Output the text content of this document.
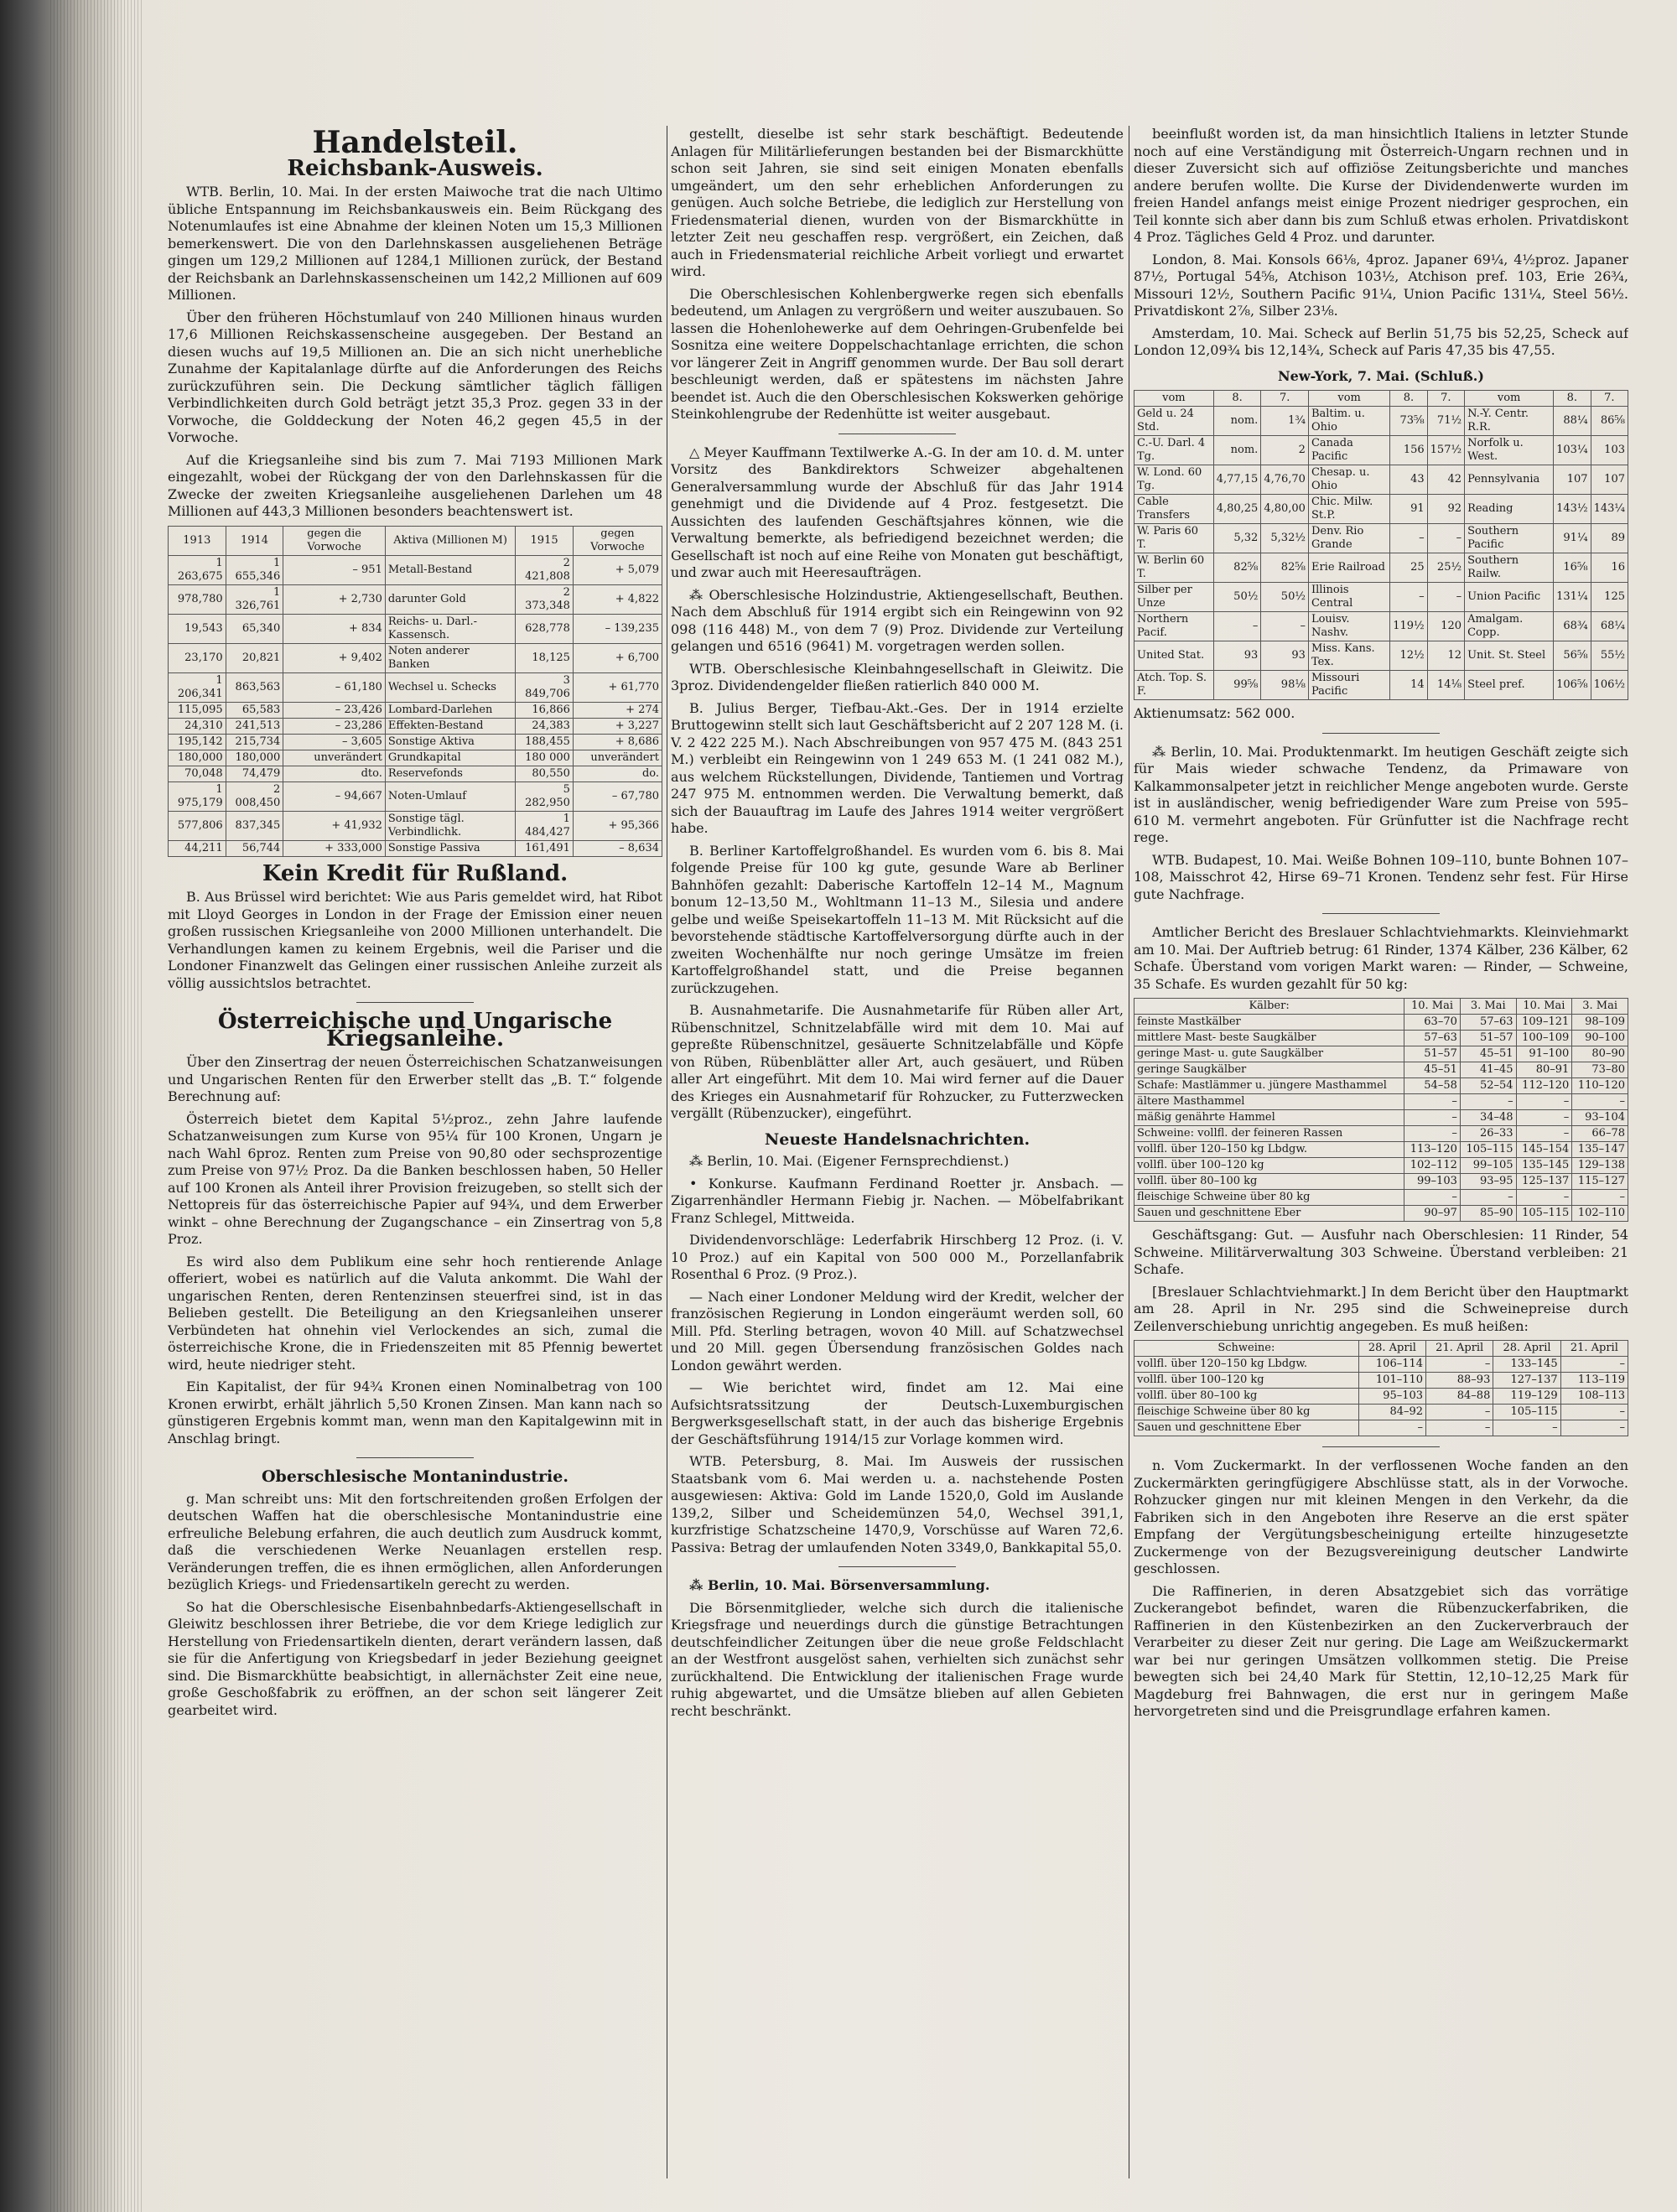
Handelsteil.
Reichsbank-Ausweis.

WTB. Berlin, 10. Mai. In der ersten Maiwoche trat die nach Ultimo übliche Entspannung im Reichsbankausweis ein. Beim Rückgang des Notenumlaufes ist eine Abnahme der kleinen Noten um 15,3 Millionen bemerkenswert. Die von den Darlehnskassen ausgeliehenen Beträge gingen um 129,2 Millionen auf 1284,1 Millionen zurück, der Bestand der Reichsbank an Darlehnskassenscheinen um 142,2 Millionen auf 609 Millionen.

Über den früheren Höchstumlauf von 240 Millionen hinaus wurden 17,6 Millionen Reichskassenscheine ausgegeben. Der Bestand an diesen wuchs auf 19,5 Millionen an. Die an sich nicht unerhebliche Zunahme der Kapitalanlage dürfte auf die Anforderungen des Reichs zurückzuführen sein. Die Deckung sämtlicher täglich fälligen Verbindlichkeiten durch Gold beträgt jetzt 35,3 Proz. gegen 33 in der Vorwoche, die Golddeckung der Noten 46,2 gegen 45,5 in der Vorwoche.

Auf die Kriegsanleihe sind bis zum 7. Mai 7193 Millionen Mark eingezahlt, wobei der Rückgang der von den Darlehnskassen für die Zwecke der zweiten Kriegsanleihe ausgeliehenen Darlehen um 48 Millionen auf 443,3 Millionen besonders beachtenswert ist.

1913	1914	gegen die Vorwoche	Aktiva (Millionen M)	1915	gegen Vorwoche
1 263,675	1 655,346	– 951	Metall-Bestand	2 421,808	+ 5,079
978,780	1 326,761	+ 2,730	darunter Gold	2 373,348	+ 4,822
19,543	65,340	+ 834	Reichs- u. Darl.-Kassensch.	628,778	– 139,235
23,170	20,821	+ 9,402	Noten anderer Banken	18,125	+ 6,700
1 206,341	863,563	– 61,180	Wechsel u. Schecks	3 849,706	+ 61,770
115,095	65,583	– 23,426	Lombard-Darlehen	16,866	+ 274
24,310	241,513	– 23,286	Effekten-Bestand	24,383	+ 3,227
195,142	215,734	– 3,605	Sonstige Aktiva	188,455	+ 8,686
180,000	180,000	unverändert	Grundkapital	180 000	unverändert
70,048	74,479	dto.	Reservefonds	80,550	do.
1 975,179	2 008,450	– 94,667	Noten-Umlauf	5 282,950	– 67,780
577,806	837,345	+ 41,932	Sonstige tägl. Verbindlichk.	1 484,427	+ 95,366
44,211	56,744	+ 333,000	Sonstige Passiva	161,491	– 8,634
Kein Kredit für Rußland.

B. Aus Brüssel wird berichtet: Wie aus Paris gemeldet wird, hat Ribot mit Lloyd Georges in London in der Frage der Emission einer neuen großen russischen Kriegsanleihe von 2000 Millionen unterhandelt. Die Verhandlungen kamen zu keinem Ergebnis, weil die Pariser und die Londoner Finanzwelt das Gelingen einer russischen Anleihe zurzeit als völlig aussichtslos betrachtet.

Österreichische und Ungarische Kriegsanleihe.

Über den Zinsertrag der neuen Österreichischen Schatzanweisungen und Ungarischen Renten für den Erwerber stellt das „B. T.“ folgende Berechnung auf:

Österreich bietet dem Kapital 5½proz., zehn Jahre laufende Schatzanweisungen zum Kurse von 95¼ für 100 Kronen, Ungarn je nach Wahl 6proz. Renten zum Preise von 90,80 oder sechsprozentige zum Preise von 97½ Proz. Da die Banken beschlossen haben, 50 Heller auf 100 Kronen als Anteil ihrer Provision freizugeben, so stellt sich der Nettopreis für das österreichische Papier auf 94¾, und dem Erwerber winkt – ohne Berechnung der Zugangschance – ein Zinsertrag von 5,8 Proz.

Es wird also dem Publikum eine sehr hoch rentierende Anlage offeriert, wobei es natürlich auf die Valuta ankommt. Die Wahl der ungarischen Renten, deren Rentenzinsen steuerfrei sind, ist in das Belieben gestellt. Die Beteiligung an den Kriegsanleihen unserer Verbündeten hat ohnehin viel Verlockendes an sich, zumal die österreichische Krone, die in Friedenszeiten mit 85 Pfennig bewertet wird, heute niedriger steht.

Ein Kapitalist, der für 94¾ Kronen einen Nominalbetrag von 100 Kronen erwirbt, erhält jährlich 5,50 Kronen Zinsen. Man kann nach so günstigeren Ergebnis kommt man, wenn man den Kapitalgewinn mit in Anschlag bringt.

Oberschlesische Montanindustrie.

g. Man schreibt uns: Mit den fortschreitenden großen Erfolgen der deutschen Waffen hat die oberschlesische Montanindustrie eine erfreuliche Belebung erfahren, die auch deutlich zum Ausdruck kommt, daß die verschiedenen Werke Neuanlagen erstellen resp. Veränderungen treffen, die es ihnen ermöglichen, allen Anforderungen bezüglich Kriegs- und Friedensartikeln gerecht zu werden.

So hat die Oberschlesische Eisenbahnbedarfs-Aktiengesellschaft in Gleiwitz beschlossen ihrer Betriebe, die vor dem Kriege lediglich zur Herstellung von Friedensartikeln dienten, derart verändern lassen, daß sie für die Anfertigung von Kriegsbedarf in jeder Beziehung geeignet sind. Die Bismarckhütte beabsichtigt, in allernächster Zeit eine neue, große Geschoßfabrik zu eröffnen, an der schon seit längerer Zeit gearbeitet wird.

gestellt, dieselbe ist sehr stark beschäftigt. Bedeutende Anlagen für Militärlieferungen bestanden bei der Bismarckhütte schon seit Jahren, sie sind seit einigen Monaten ebenfalls umgeändert, um den sehr erheblichen Anforderungen zu genügen. Auch solche Betriebe, die lediglich zur Herstellung von Friedensmaterial dienen, wurden von der Bismarckhütte in letzter Zeit neu geschaffen resp. vergrößert, ein Zeichen, daß auch in Friedensmaterial reichliche Arbeit vorliegt und erwartet wird.

Die Oberschlesischen Kohlenbergwerke regen sich ebenfalls bedeutend, um Anlagen zu vergrößern und weiter auszubauen. So lassen die Hohenlohewerke auf dem Oehringen-Grubenfelde bei Sosnitza eine weitere Doppelschachtanlage errichten, die schon vor längerer Zeit in Angriff genommen wurde. Der Bau soll derart beschleunigt werden, daß er spätestens im nächsten Jahre beendet ist. Auch die den Oberschlesischen Kokswerken gehörige Steinkohlengrube der Redenhütte ist weiter ausgebaut.

△ Meyer Kauffmann Textilwerke A.-G. In der am 10. d. M. unter Vorsitz des Bankdirektors Schweizer abgehaltenen Generalversammlung wurde der Abschluß für das Jahr 1914 genehmigt und die Dividende auf 4 Proz. festgesetzt. Die Aussichten des laufenden Geschäftsjahres können, wie die Verwaltung bemerkte, als befriedigend bezeichnet werden; die Gesellschaft ist noch auf eine Reihe von Monaten gut beschäftigt, und zwar auch mit Heeresaufträgen.

⁂ Oberschlesische Holzindustrie, Aktiengesellschaft, Beuthen. Nach dem Abschluß für 1914 ergibt sich ein Reingewinn von 92 098 (116 448) M., von dem 7 (9) Proz. Dividende zur Verteilung gelangen und 6516 (9641) M. vorgetragen werden sollen.

WTB. Oberschlesische Kleinbahngesellschaft in Gleiwitz. Die 3proz. Dividendengelder fließen ratierlich 840 000 M.

B. Julius Berger, Tiefbau-Akt.-Ges. Der in 1914 erzielte Bruttogewinn stellt sich laut Geschäftsbericht auf 2 207 128 M. (i. V. 2 422 225 M.). Nach Abschreibungen von 957 475 M. (843 251 M.) verbleibt ein Reingewinn von 1 249 653 M. (1 241 082 M.), aus welchem Rückstellungen, Dividende, Tantiemen und Vortrag 247 975 M. entnommen werden. Die Verwaltung bemerkt, daß sich der Bauauftrag im Laufe des Jahres 1914 weiter vergrößert habe.

B. Berliner Kartoffelgroßhandel. Es wurden vom 6. bis 8. Mai folgende Preise für 100 kg gute, gesunde Ware ab Berliner Bahnhöfen gezahlt: Daberische Kartoffeln 12–14 M., Magnum bonum 12–13,50 M., Wohltmann 11–13 M., Silesia und andere gelbe und weiße Speisekartoffeln 11–13 M. Mit Rücksicht auf die bevorstehende städtische Kartoffelversorgung dürfte auch in der zweiten Wochenhälfte nur noch geringe Umsätze im freien Kartoffelgroßhandel statt, und die Preise begannen zurückzugehen.

B. Ausnahmetarife. Die Ausnahmetarife für Rüben aller Art, Rübenschnitzel, Schnitzelabfälle wird mit dem 10. Mai auf gepreßte Rübenschnitzel, gesäuerte Schnitzelabfälle und Köpfe von Rüben, Rübenblätter aller Art, auch gesäuert, und Rüben aller Art eingeführt. Mit dem 10. Mai wird ferner auf die Dauer des Krieges ein Ausnahmetarif für Rohzucker, zu Futterzwecken vergällt (Rübenzucker), eingeführt.

Neueste Handelsnachrichten.

⁂ Berlin, 10. Mai. (Eigener Fernsprechdienst.)

• Konkurse. Kaufmann Ferdinand Roetter jr. Ansbach. — Zigarrenhändler Hermann Fiebig jr. Nachen. — Möbelfabrikant Franz Schlegel, Mittweida.

Dividendenvorschläge: Lederfabrik Hirschberg 12 Proz. (i. V. 10 Proz.) auf ein Kapital von 500 000 M., Porzellanfabrik Rosenthal 6 Proz. (9 Proz.).

— Nach einer Londoner Meldung wird der Kredit, welcher der französischen Regierung in London eingeräumt werden soll, 60 Mill. Pfd. Sterling betragen, wovon 40 Mill. auf Schatzwechsel und 20 Mill. gegen Übersendung französischen Goldes nach London gewährt werden.

— Wie berichtet wird, findet am 12. Mai eine Aufsichtsratssitzung der Deutsch-Luxemburgischen Bergwerksgesellschaft statt, in der auch das bisherige Ergebnis der Geschäftsführung 1914/15 zur Vorlage kommen wird.

WTB. Petersburg, 8. Mai. Im Ausweis der russischen Staatsbank vom 6. Mai werden u. a. nachstehende Posten ausgewiesen: Aktiva: Gold im Lande 1520,0, Gold im Auslande 139,2, Silber und Scheidemünzen 54,0, Wechsel 391,1, kurzfristige Schatzscheine 1470,9, Vorschüsse auf Waren 72,6. Passiva: Betrag der umlaufenden Noten 3349,0, Bankkapital 55,0.

⁂ Berlin, 10. Mai. Börsenversammlung.

Die Börsenmitglieder, welche sich durch die italienische Kriegsfrage und neuerdings durch die günstige Betrachtungen deutschfeindlicher Zeitungen über die neue große Feldschlacht an der Westfront ausgelöst sahen, verhielten sich zunächst sehr zurückhaltend. Die Entwicklung der italienischen Frage wurde ruhig abgewartet, und die Umsätze blieben auf allen Gebieten recht beschränkt.

beeinflußt worden ist, da man hinsichtlich Italiens in letzter Stunde noch auf eine Verständigung mit Österreich-Ungarn rechnen und in dieser Zuversicht sich auf offiziöse Zeitungsberichte und manches andere berufen wollte. Die Kurse der Dividendenwerte wurden im freien Handel anfangs meist einige Prozent niedriger gesprochen, ein Teil konnte sich aber dann bis zum Schluß etwas erholen. Privatdiskont 4 Proz. Tägliches Geld 4 Proz. und darunter.

London, 8. Mai. Konsols 66⅛, 4proz. Japaner 69¼, 4½proz. Japaner 87½, Portugal 54⅝, Atchison 103½, Atchison pref. 103, Erie 26¾, Missouri 12½, Southern Pacific 91¼, Union Pacific 131¼, Steel 56½. Privatdiskont 2⅞, Silber 23⅛.

Amsterdam, 10. Mai. Scheck auf Berlin 51,75 bis 52,25, Scheck auf London 12,09¾ bis 12,14¾, Scheck auf Paris 47,35 bis 47,55.

New-York, 7. Mai. (Schluß.)
vom	8.	7.	vom	8.	7.	vom	8.	7.
Geld u. 24 Std.	nom.	1¾	Baltim. u. Ohio	73⅝	71½	N.-Y. Centr. R.R.	88¼	86⅝
C.-U. Darl. 4 Tg.	nom.	2	Canada Pacific	156	157½	Norfolk u. West.	103¼	103
W. Lond. 60 Tg.	4,77,15	4,76,70	Chesap. u. Ohio	43	42	Pennsylvania	107	107
Cable Transfers	4,80,25	4,80,00	Chic. Milw. St.P.	91	92	Reading	143½	143¼
W. Paris 60 T.	5,32	5,32½	Denv. Rio Grande	–	–	Southern Pacific	91¼	89
W. Berlin 60 T.	82⅝	82⅝	Erie Railroad	25	25½	Southern Railw.	16⅝	16
Silber per Unze	50½	50½	Illinois Central	–	–	Union Pacific	131¼	125
Northern Pacif.	–	–	Louisv. Nashv.	119½	120	Amalgam. Copp.	68¾	68¼
United Stat.	93	93	Miss. Kans. Tex.	12½	12	Unit. St. Steel	56⅝	55½
Atch. Top. S. F.	99⅝	98⅛	Missouri Pacific	14	14⅛	Steel pref.	106⅝	106½

Aktienumsatz: 562 000.

⁂ Berlin, 10. Mai. Produktenmarkt. Im heutigen Geschäft zeigte sich für Mais wieder schwache Tendenz, da Primaware von Kalkammonsalpeter jetzt in reichlicher Menge angeboten wurde. Gerste ist in ausländischer, wenig befriedigender Ware zum Preise von 595–610 M. vermehrt angeboten. Für Grünfutter ist die Nachfrage recht rege.

WTB. Budapest, 10. Mai. Weiße Bohnen 109–110, bunte Bohnen 107–108, Maisschrot 42, Hirse 69–71 Kronen. Tendenz sehr fest. Für Hirse gute Nachfrage.

Amtlicher Bericht des Breslauer Schlachtviehmarkts. Kleinviehmarkt am 10. Mai. Der Auftrieb betrug: 61 Rinder, 1374 Kälber, 236 Kälber, 62 Schafe. Überstand vom vorigen Markt waren: — Rinder, — Schweine, 35 Schafe. Es wurden gezahlt für 50 kg:

Kälber:	10. Mai	3. Mai	10. Mai	3. Mai
feinste Mastkälber	63–70	57–63	109–121	98–109
mittlere Mast- beste Saugkälber	57–63	51–57	100–109	90–100
geringe Mast- u. gute Saugkälber	51–57	45–51	91–100	80–90
geringe Saugkälber	45–51	41–45	80–91	73–80
Schafe: Mastlämmer u. jüngere Masthammel	54–58	52–54	112–120	110–120
ältere Masthammel	–	–	–	–
mäßig genährte Hammel	–	34–48	–	93–104
Schweine: vollfl. der feineren Rassen	–	26–33	–	66–78
vollfl. über 120–150 kg Lbdgw.	113–120	105–115	145–154	135–147
vollfl. über 100–120 kg	102–112	99–105	135–145	129–138
vollfl. über 80–100 kg	99–103	93–95	125–137	115–127
fleischige Schweine über 80 kg	–	–	–	–
Sauen und geschnittene Eber	90–97	85–90	105–115	102–110

Geschäftsgang: Gut. — Ausfuhr nach Oberschlesien: 11 Rinder, 54 Schweine. Militärverwaltung 303 Schweine. Überstand verbleiben: 21 Schafe.

[Breslauer Schlachtviehmarkt.] In dem Bericht über den Hauptmarkt am 28. April in Nr. 295 sind die Schweinepreise durch Zeilenverschiebung unrichtig angegeben. Es muß heißen:

Schweine:	28. April	21. April	28. April	21. April
vollfl. über 120–150 kg Lbdgw.	106–114	–	133–145	–
vollfl. über 100–120 kg	101–110	88–93	127–137	113–119
vollfl. über 80–100 kg	95–103	84–88	119–129	108–113
fleischige Schweine über 80 kg	84–92	–	105–115	–
Sauen und geschnittene Eber	–	–	–	–

n. Vom Zuckermarkt. In der verflossenen Woche fanden an den Zuckermärkten geringfügigere Abschlüsse statt, als in der Vorwoche. Rohzucker gingen nur mit kleinen Mengen in den Verkehr, da die Fabriken sich in den Angeboten ihre Reserve an die erst später Empfang der Vergütungsbescheinigung erteilte hinzugesetzte Zuckermenge von der Bezugsvereinigung deutscher Landwirte geschlossen.

Die Raffinerien, in deren Absatzgebiet sich das vorrätige Zuckerangebot befindet, waren die Rübenzuckerfabriken, die Raffinerien in den Küstenbezirken an den Zuckerverbrauch der Verarbeiter zu dieser Zeit nur gering. Die Lage am Weißzuckermarkt war bei nur geringen Umsätzen vollkommen stetig. Die Preise bewegten sich bei 24,40 Mark für Stettin, 12,10–12,25 Mark für Magdeburg frei Bahnwagen, die erst nur in geringem Maße hervorgetreten sind und die Preisgrundlage erfahren kamen.
